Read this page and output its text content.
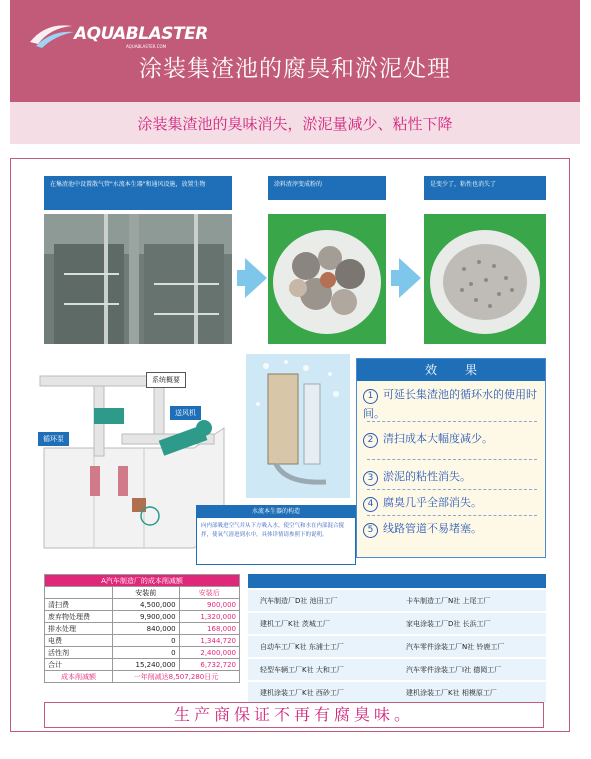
AQUABLASTER
AQUABLASTER.COM
涂装集渣池的腐臭和淤泥处理
涂装集渣池的臭味消失，淤泥量减少、粘性下降
在集渣池中设置散气管"水流本生器"和通风设施，放置生物	涂料渣滓变成粉的	是变少了，粘性也消失了
系统概要
送风机
循环泵
水流本生器的构造
向内部吸进空气并从下方吸入水，使空气和水在内部混合搅拌，使氧气溶进到水中。具体详情请参照下的说明。
效果
1 可延长集渣池的循环水的使用时间。
2 清扫成本大幅度减少。
3 淤泥的粘性消失。
4 腐臭几乎全部消失。
5 线路管道不易堵塞。
A汽车制造厂的成本削减额		
	安装前	安装后
清扫费	4,500,000	900,000
废弃物处理费	9,900,000	1,320,000
排水处理	840,000	168,000
电费	0	1,344,720
活性剂	0	2,400,000
合计	15,240,000	6,732,720
成本削减额	一年削减达8,507,280日元	
汽车制造厂D社 池田工厂	卡车制造工厂N社 上尾工厂
建机工厂K社 茨城工厂	家电涂装工厂D社 长浜工厂
自动车工厂K社 东浦士工厂	汽车零件涂装工厂N社 铃鹿工厂
轻型车辆工厂K社 大和工厂	汽车零件涂装工厂I社 德岡工厂
建机涂装工厂K社 西砂工厂	建机涂装工厂K社 相模原工厂
生产商保证不再有腐臭味。
